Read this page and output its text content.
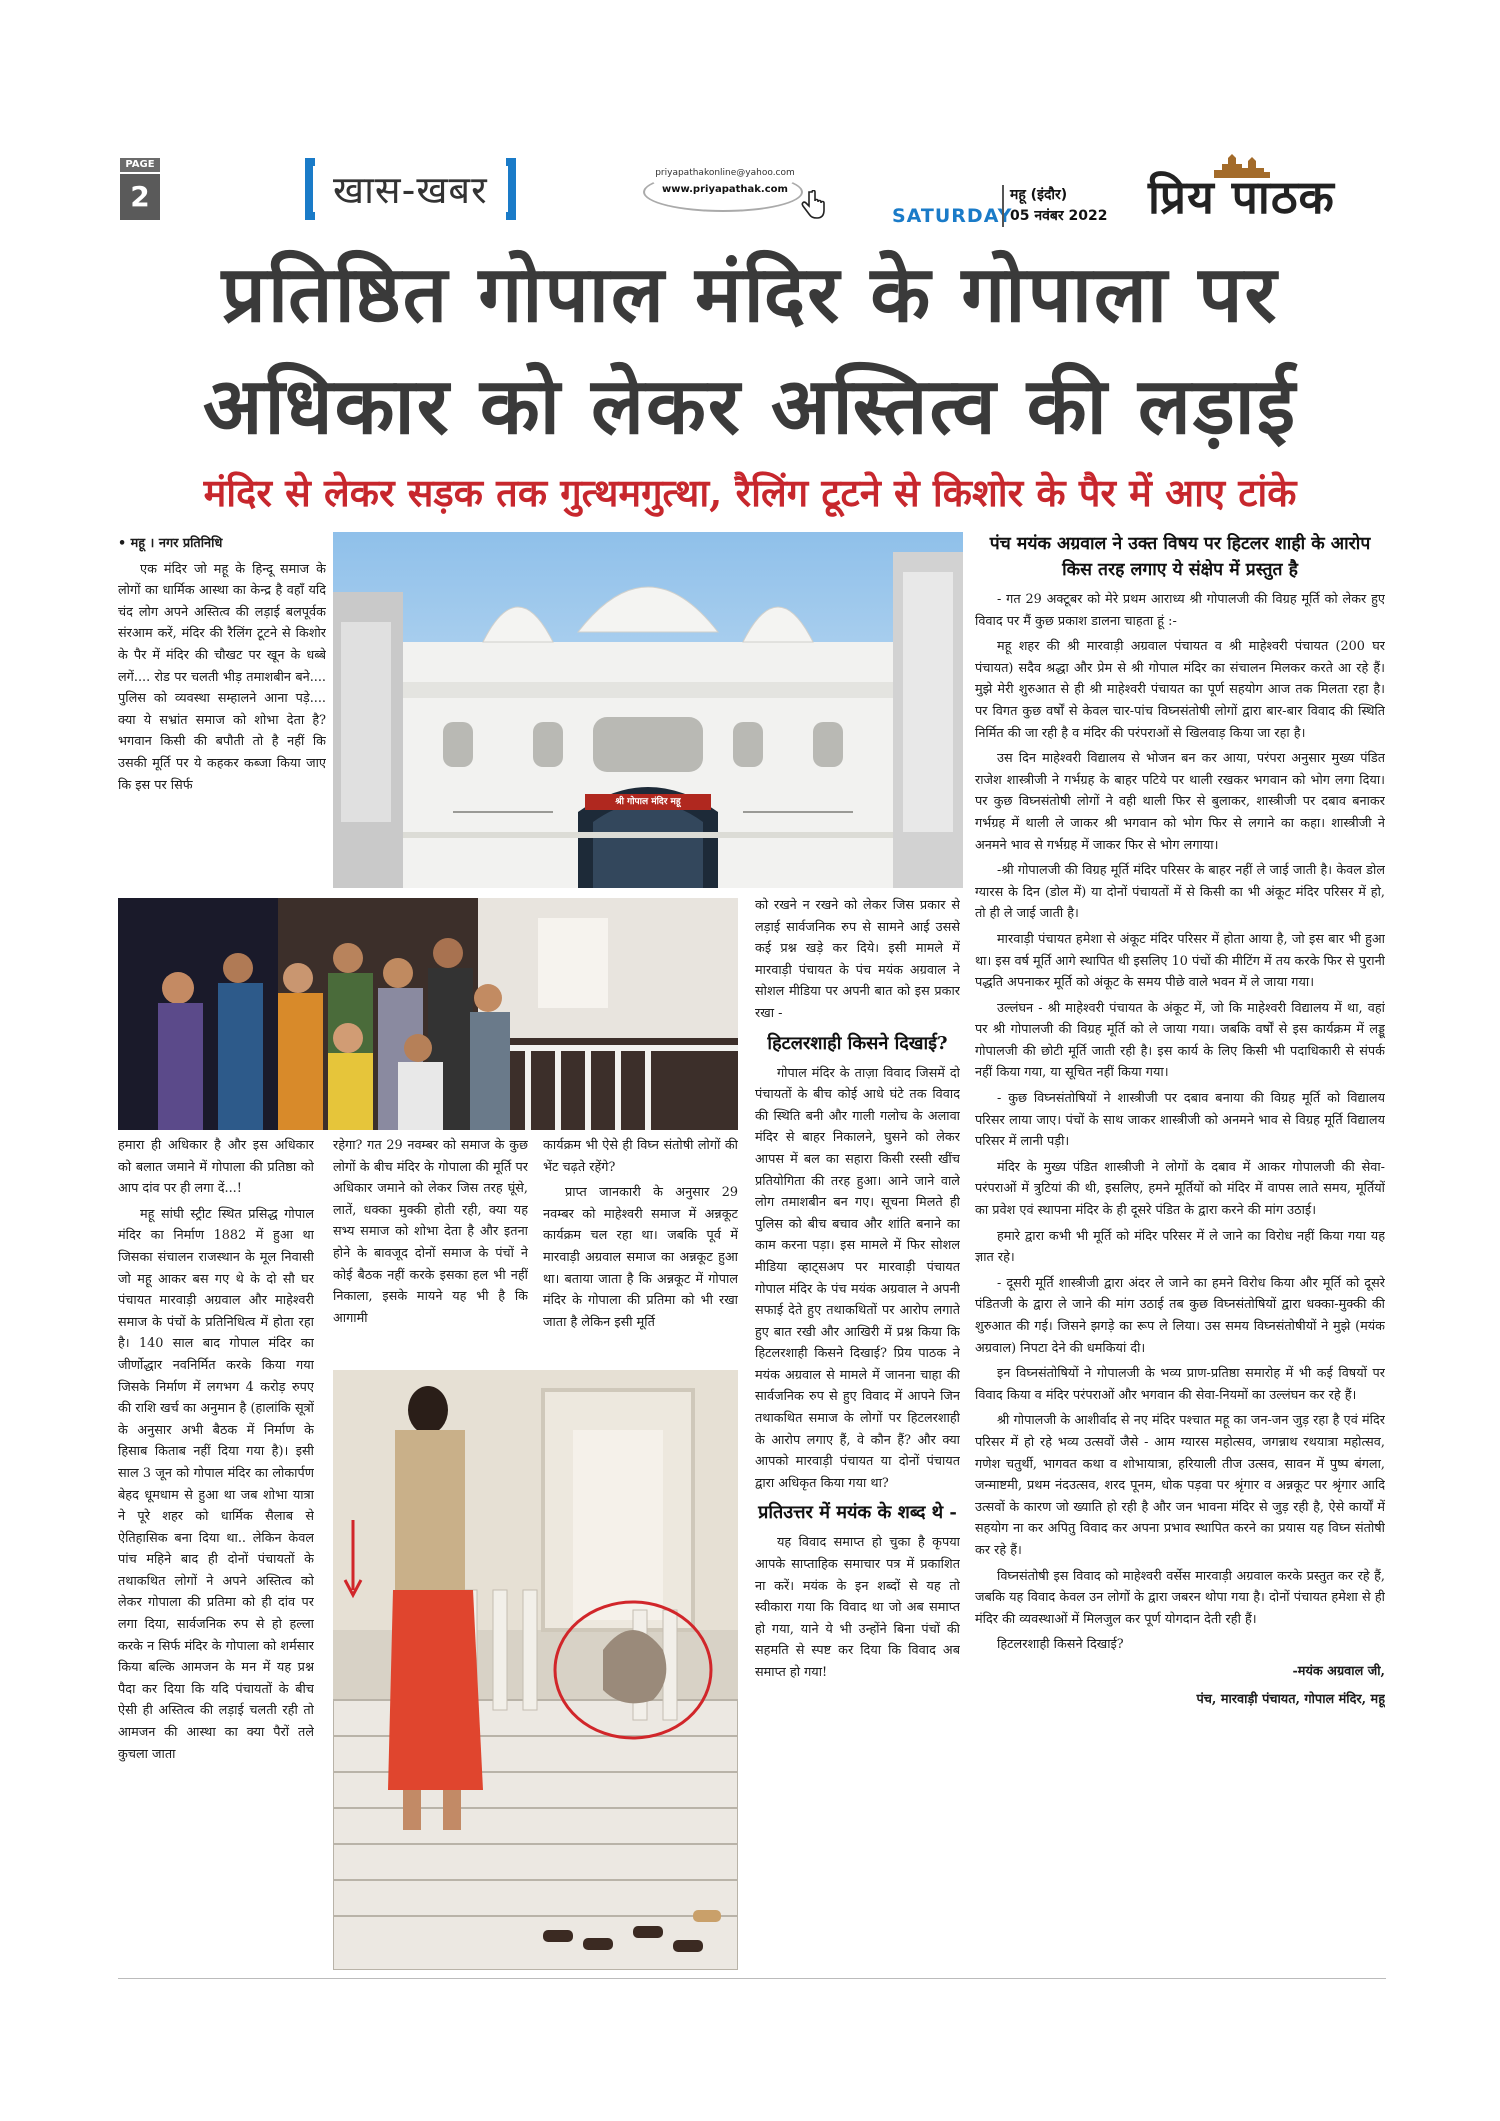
PAGE
2	खास-खबर	priyapathakonline@yahoo.com
www.priyapathak.com
SATURDAY
महू (इंदौर)
05 नवंबर 2022 प्रिय पाठक
प्रतिष्ठित गोपाल मंदिर के गोपाला पर
अधिकार को लेकर अस्तित्व की लड़ाई
मंदिर से लेकर सड़क तक गुत्थमगुत्था, रैलिंग टूटने से किशोर के पैर में आए टांके
श्री गोपाल मंदिर महू

• महू । नगर प्रतिनिधि

एक मंदिर जो महू के हिन्दू समाज के लोगों का धार्मिक आस्था का केन्द्र है वहाँ यदि चंद लोग अपने अस्तित्व की लड़ाई बलपूर्वक संरआम करें, मंदिर की रैलिंग टूटने से किशोर के पैर में मंदिर की चौखट पर खून के धब्बे लगें.... रोड पर चलती भीड़ तमाशबीन बने.... पुलिस को व्यवस्था सम्हालने आना पड़े.... क्या ये सभ्रांत समाज को शोभा देता है? भगवान किसी की बपौती तो है नहीं कि उसकी मूर्ति पर ये कहकर कब्जा किया जाए कि इस पर सिर्फ

हमारा ही अधिकार है और इस अधिकार को बलात जमाने में गोपाला की प्रतिष्ठा को आप दांव पर ही लगा दें...!

महू सांघी स्ट्रीट स्थित प्रसिद्ध गोपाल मंदिर का निर्माण 1882 में हुआ था जिसका संचालन राजस्थान के मूल निवासी जो महू आकर बस गए थे के दो सौ घर पंचायत मारवाड़ी अग्रवाल और माहेश्वरी समाज के पंचों के प्रतिनिधित्व में होता रहा है। 140 साल बाद गोपाल मंदिर का जीर्णोद्धार नवनिर्मित करके किया गया जिसके निर्माण में लगभग 4 करोड़ रुपए की राशि खर्च का अनुमान है (हालांकि सूत्रों के अनुसार अभी बैठक में निर्माण के हिसाब किताब नहीं दिया गया है)। इसी साल 3 जून को गोपाल मंदिर का लोकार्पण बेहद धूमधाम से हुआ था जब शोभा यात्रा ने पूरे शहर को धार्मिक सैलाब से ऐतिहासिक बना दिया था.. लेकिन केवल पांच महिने बाद ही दोनों पंचायतों के तथाकथित लोगों ने अपने अस्तित्व को लेकर गोपाला की प्रतिमा को ही दांव पर लगा दिया, सार्वजनिक रुप से हो हल्ला करके न सिर्फ मंदिर के गोपाला को शर्मसार किया बल्कि आमजन के मन में यह प्रश्न पैदा कर दिया कि यदि पंचायतों के बीच ऐसी ही अस्तित्व की लड़ाई चलती रही तो आमजन की आस्था का क्या पैरों तले कुचला जाता

रहेगा? गत 29 नवम्बर को समाज के कुछ लोगों के बीच मंदिर के गोपाला की मूर्ति पर अधिकार जमाने को लेकर जिस तरह घूंसे, लातें, धक्का मुक्की होती रही, क्या यह सभ्य समाज को शोभा देता है और इतना होने के बावजूद दोनों समाज के पंचों ने कोई बैठक नहीं करके इसका हल भी नहीं निकाला, इसके मायने यह भी है कि आगामी

कार्यक्रम भी ऐसे ही विघ्न संतोषी लोगों की भेंट चढ़ते रहेंगे?

प्राप्त जानकारी के अनुसार 29 नवम्बर को माहेश्वरी समाज में अन्नकूट कार्यक्रम चल रहा था। जबकि पूर्व में मारवाड़ी अग्रवाल समाज का अन्नकूट हुआ था। बताया जाता है कि अन्नकूट में गोपाल मंदिर के गोपाला की प्रतिमा को भी रखा जाता है लेकिन इसी मूर्ति

को रखने न रखने को लेकर जिस प्रकार से लड़ाई सार्वजनिक रुप से सामने आई उससे कई प्रश्न खड़े कर दिये। इसी मामले में मारवाड़ी पंचायत के पंच मयंक अग्रवाल ने सोशल मीडिया पर अपनी बात को इस प्रकार रखा -

हिटलरशाही किसने दिखाई?

गोपाल मंदिर के ताज़ा विवाद जिसमें दो पंचायतों के बीच कोई आधे घंटे तक विवाद की स्थिति बनी और गाली गलोच के अलावा मंदिर से बाहर निकालने, घुसने को लेकर आपस में बल का सहारा किसी रस्सी खींच प्रतियोगिता की तरह हुआ। आने जाने वाले लोग तमाशबीन बन गए। सूचना मिलते ही पुलिस को बीच बचाव और शांति बनाने का काम करना पड़ा। इस मामले में फिर सोशल मीडिया व्हाट्सअप पर मारवाड़ी पंचायत गोपाल मंदिर के पंच मयंक अग्रवाल ने अपनी सफाई देते हुए तथाकथितों पर आरोप लगाते हुए बात रखी और आखिरी में प्रश्न किया कि हिटलरशाही किसने दिखाई? प्रिय पाठक ने मयंक अग्रवाल से मामले में जानना चाहा की सार्वजनिक रुप से हुए विवाद में आपने जिन तथाकथित समाज के लोगों पर हिटलरशाही के आरोप लगाए हैं, वे कौन हैं? और क्या आपको मारवाड़ी पंचायत या दोनों पंचायत द्वारा अधिकृत किया गया था?

प्रतिउत्तर में मयंक के शब्द थे -

यह विवाद समाप्त हो चुका है कृपया आपके साप्ताहिक समाचार पत्र में प्रकाशित ना करें। मयंक के इन शब्दों से यह तो स्वीकारा गया कि विवाद था जो अब समाप्त हो गया, याने ये भी उन्होंने बिना पंचों की सहमति से स्पष्ट कर दिया कि विवाद अब समाप्त हो गया!

पंच मयंक अग्रवाल ने उक्त विषय पर हिटलर शाही के आरोप किस तरह लगाए ये संक्षेप में प्रस्तुत है

- गत 29 अक्टूबर को मेरे प्रथम आराध्य श्री गोपालजी की विग्रह मूर्ति को लेकर हुए विवाद पर मैं कुछ प्रकाश डालना चाहता हूं :-

महू शहर की श्री मारवाड़ी अग्रवाल पंचायत व श्री माहेश्वरी पंचायत (200 घर पंचायत) सदैव श्रद्धा और प्रेम से श्री गोपाल मंदिर का संचालन मिलकर करते आ रहे हैं। मुझे मेरी शुरुआत से ही श्री माहेश्वरी पंचायत का पूर्ण सहयोग आज तक मिलता रहा है। पर विगत कुछ वर्षों से केवल चार-पांच विघ्नसंतोषी लोगों द्वारा बार-बार विवाद की स्थिति निर्मित की जा रही है व मंदिर की परंपराओं से खिलवाड़ किया जा रहा है।

उस दिन माहेश्वरी विद्यालय से भोजन बन कर आया, परंपरा अनुसार मुख्य पंडित राजेश शास्त्रीजी ने गर्भग्रह के बाहर पटिये पर थाली रखकर भगवान को भोग लगा दिया। पर कुछ विघ्नसंतोषी लोगों ने वही थाली फिर से बुलाकर, शास्त्रीजी पर दबाव बनाकर गर्भग्रह में थाली ले जाकर श्री भगवान को भोग फिर से लगाने का कहा। शास्त्रीजी ने अनमने भाव से गर्भग्रह में जाकर फिर से भोग लगाया।

-श्री गोपालजी की विग्रह मूर्ति मंदिर परिसर के बाहर नहीं ले जाई जाती है। केवल डोल ग्यारस के दिन (डोल में) या दोनों पंचायतों में से किसी का भी अंकूट मंदिर परिसर में हो, तो ही ले जाई जाती है।

मारवाड़ी पंचायत हमेशा से अंकूट मंदिर परिसर में होता आया है, जो इस बार भी हुआ था। इस वर्ष मूर्ति आगे स्थापित थी इसलिए 10 पंचों की मीटिंग में तय करके फिर से पुरानी पद्धति अपनाकर मूर्ति को अंकूट के समय पीछे वाले भवन में ले जाया गया।

उल्लंघन - श्री माहेश्वरी पंचायत के अंकूट में, जो कि माहेश्वरी विद्यालय में था, वहां पर श्री गोपालजी की विग्रह मूर्ति को ले जाया गया। जबकि वर्षों से इस कार्यक्रम में लड्डू गोपालजी की छोटी मूर्ति जाती रही है। इस कार्य के लिए किसी भी पदाधिकारी से संपर्क नहीं किया गया, या सूचित नहीं किया गया।

- कुछ विघ्नसंतोषियों ने शास्त्रीजी पर दबाव बनाया की विग्रह मूर्ति को विद्यालय परिसर लाया जाए। पंचों के साथ जाकर शास्त्रीजी को अनमने भाव से विग्रह मूर्ति विद्यालय परिसर में लानी पड़ी।

मंदिर के मुख्य पंडित शास्त्रीजी ने लोगों के दबाव में आकर गोपालजी की सेवा-परंपराओं में त्रुटियां की थी, इसलिए, हमने मूर्तियों को मंदिर में वापस लाते समय, मूर्तियों का प्रवेश एवं स्थापना मंदिर के ही दूसरे पंडित के द्वारा करने की मांग उठाई।

हमारे द्वारा कभी भी मूर्ति को मंदिर परिसर में ले जाने का विरोध नहीं किया गया यह ज्ञात रहे।

- दूसरी मूर्ति शास्त्रीजी द्वारा अंदर ले जाने का हमने विरोध किया और मूर्ति को दूसरे पंडितजी के द्वारा ले जाने की मांग उठाई तब कुछ विघ्नसंतोषियों द्वारा धक्का-मुक्की की शुरुआत की गई। जिसने झगड़े का रूप ले लिया। उस समय विघ्नसंतोषीयों ने मुझे (मयंक अग्रवाल) निपटा देने की धमकियां दी।

इन विघ्नसंतोषियों ने गोपालजी के भव्य प्राण-प्रतिष्ठा समारोह में भी कई विषयों पर विवाद किया व मंदिर परंपराओं और भगवान की सेवा-नियमों का उल्लंघन कर रहे हैं।

श्री गोपालजी के आशीर्वाद से नए मंदिर पश्चात महू का जन-जन जुड़ रहा है एवं मंदिर परिसर में हो रहे भव्य उत्सवों जैसे - आम ग्यारस महोत्सव, जगन्नाथ रथयात्रा महोत्सव, गणेश चतुर्थी, भागवत कथा व शोभायात्रा, हरियाली तीज उत्सव, सावन में पुष्प बंगला, जन्माष्टमी, प्रथम नंदउत्सव, शरद पूनम, धोक पड़वा पर श्रृंगार व अन्नकूट पर श्रृंगार आदि उत्सवों के कारण जो ख्याति हो रही है और जन भावना मंदिर से जुड़ रही है, ऐसे कार्यों में सहयोग ना कर अपितु विवाद कर अपना प्रभाव स्थापित करने का प्रयास यह विघ्न संतोषी कर रहे हैं।

विघ्नसंतोषी इस विवाद को माहेश्वरी वर्सेस मारवाड़ी अग्रवाल करके प्रस्तुत कर रहे हैं, जबकि यह विवाद केवल उन लोगों के द्वारा जबरन थोपा गया है। दोनों पंचायत हमेशा से ही मंदिर की व्यवस्थाओं में मिलजुल कर पूर्ण योगदान देती रही हैं।

हिटलरशाही किसने दिखाई?

-मयंक अग्रवाल जी,

पंच, मारवाड़ी पंचायत, गोपाल मंदिर, महू
